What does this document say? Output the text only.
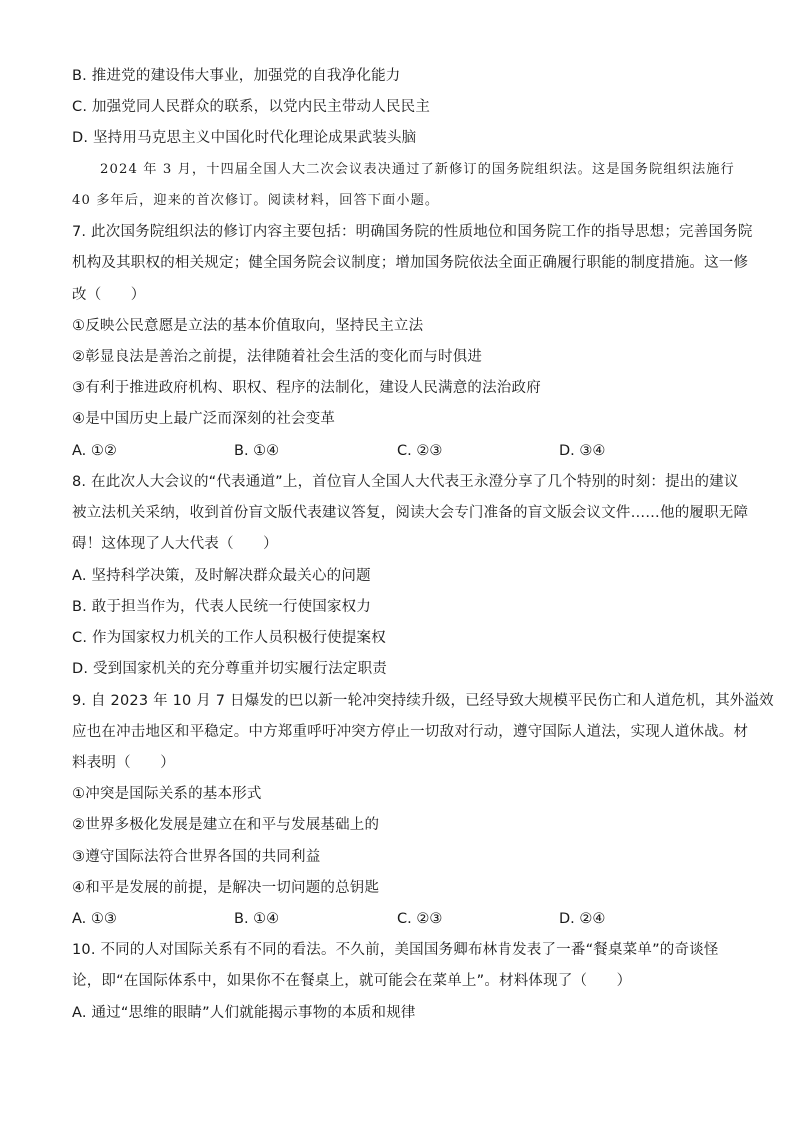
B. 推进党的建设伟大事业，加强党的自我净化能力
C. 加强党同人民群众的联系，以党内民主带动人民民主
D. 坚持用马克思主义中国化时代化理论成果武装头脑
2024 年 3 月，十四届全国人大二次会议表决通过了新修订的国务院组织法。这是国务院组织法施行
40 多年后，迎来的首次修订。阅读材料，回答下面小题。
7. 此次国务院组织法的修订内容主要包括：明确国务院的性质地位和国务院工作的指导思想；完善国务院
机构及其职权的相关规定；健全国务院会议制度；增加国务院依法全面正确履行职能的制度措施。这一修
改（　　）
①反映公民意愿是立法的基本价值取向，坚持民主立法
②彰显良法是善治之前提，法律随着社会生活的变化而与时俱进
③有利于推进政府机构、职权、程序的法制化，建设人民满意的法治政府
④是中国历史上最广泛而深刻的社会变革
A. ①②	B. ①④	C. ②③	D. ③④
8. 在此次人大会议的“代表通道”上，首位盲人全国人大代表王永澄分享了几个特别的时刻：提出的建议
被立法机关采纳，收到首份盲文版代表建议答复，阅读大会专门准备的盲文版会议文件……他的履职无障
碍！这体现了人大代表（　　）
A. 坚持科学决策，及时解决群众最关心的问题
B. 敢于担当作为，代表人民统一行使国家权力
C. 作为国家权力机关的工作人员积极行使提案权
D. 受到国家机关的充分尊重并切实履行法定职责
9. 自 2023 年 10 月 7 日爆发的巴以新一轮冲突持续升级，已经导致大规模平民伤亡和人道危机，其外溢效
应也在冲击地区和平稳定。中方郑重呼吁冲突方停止一切敌对行动，遵守国际人道法，实现人道休战。材
料表明（　　）
①冲突是国际关系的基本形式
②世界多极化发展是建立在和平与发展基础上的
③遵守国际法符合世界各国的共同利益
④和平是发展的前提，是解决一切问题的总钥匙
A. ①③	B. ①④	C. ②③	D. ②④
10. 不同的人对国际关系有不同的看法。不久前，美国国务卿布林肯发表了一番“餐桌菜单”的奇谈怪
论，即“在国际体系中，如果你不在餐桌上，就可能会在菜单上”。材料体现了（　　）
A. 通过“思维的眼睛”人们就能揭示事物的本质和规律
